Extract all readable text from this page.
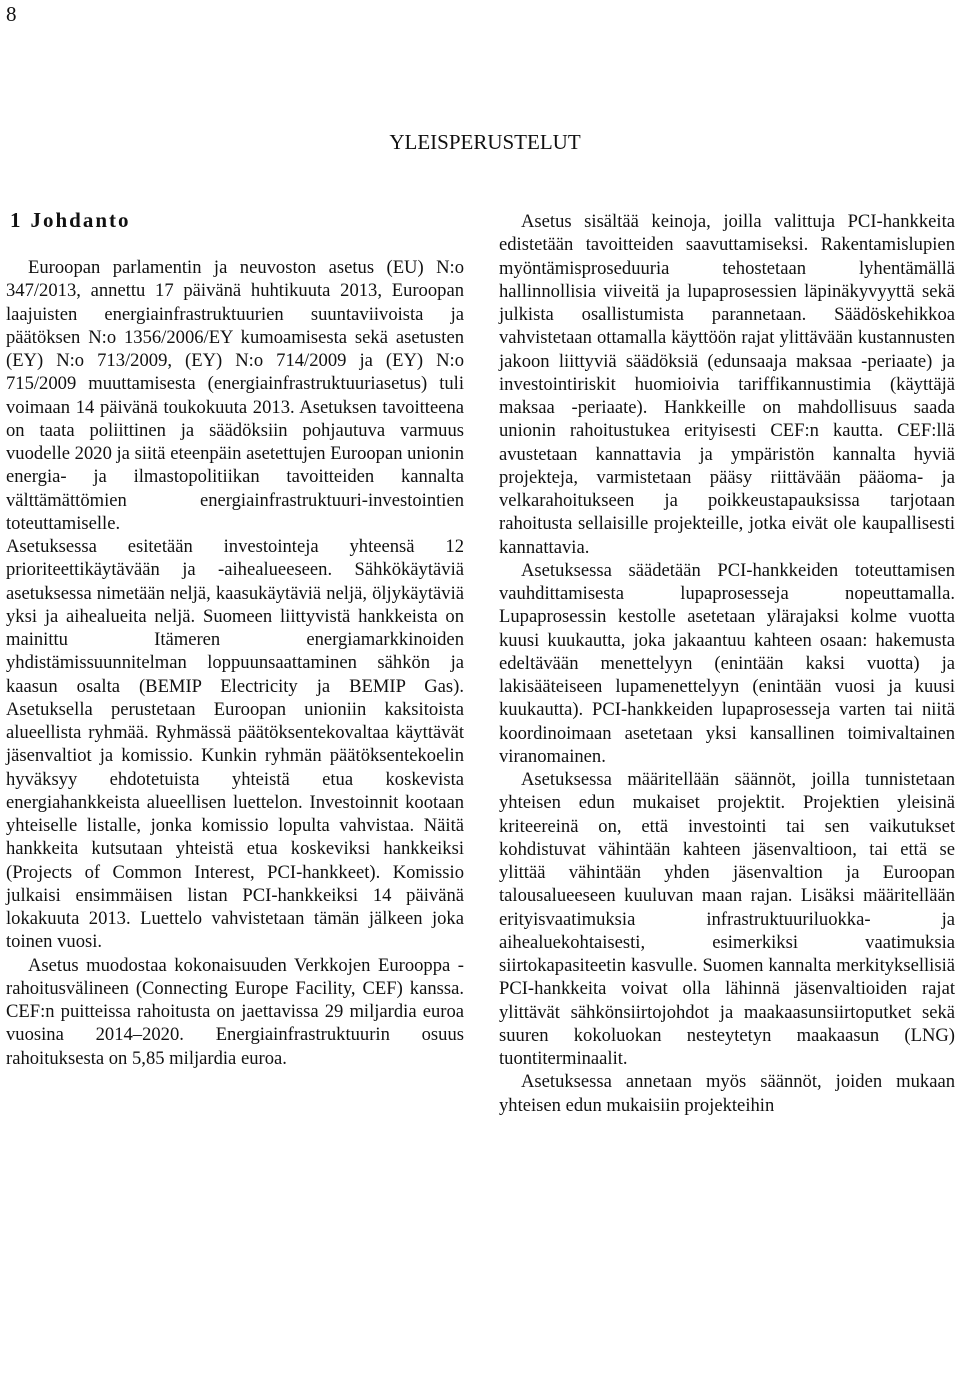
8
YLEISPERUSTELUT
1 Johdanto

Euroopan parlamentin ja neuvoston asetus (EU) N:o 347/2013, annettu 17 päivänä huhtikuuta 2013, Euroopan laajuisten energiainfrastruktuurien suuntaviivoista ja päätöksen N:o 1356/2006/EY kumoamisesta sekä asetusten (EY) N:o 713/2009, (EY) N:o 714/2009 ja (EY) N:o 715/2009 muuttamisesta (energiainfrastruktuuriasetus) tuli voimaan 14 päivänä toukokuuta 2013. Asetuksen tavoitteena on taata poliittinen ja säädöksiin pohjautuva varmuus vuodelle 2020 ja siitä eteenpäin asetettujen Euroopan unionin energia- ja ilmastopolitiikan tavoitteiden kannalta välttämättömien energiainfrastruktuuri-investointien toteuttamiselle.

Asetuksessa esitetään investointeja yhteensä 12 prioriteettikäytävään ja -aihealueeseen. Sähkökäytäviä asetuksessa nimetään neljä, kaasukäytäviä neljä, öljykäytäviä yksi ja aihealueita neljä. Suomeen liittyvistä hankkeista on mainittu Itämeren energiamarkkinoiden yhdistämissuunnitelman loppuunsaattaminen sähkön ja kaasun osalta (BEMIP Electricity ja BEMIP Gas). Asetuksella perustetaan Euroopan unioniin kaksitoista alueellista ryhmää. Ryhmässä päätöksentekovaltaa käyttävät jäsenvaltiot ja komissio. Kunkin ryhmän päätöksentekoelin hyväksyy ehdotetuista yhteistä etua koskevista energiahankkeista alueellisen luettelon. Investoinnit kootaan yhteiselle listalle, jonka komissio lopulta vahvistaa. Näitä hankkeita kutsutaan yhteistä etua koskeviksi hankkeiksi (Projects of Common Interest, PCI-hankkeet). Komissio julkaisi ensimmäisen listan PCI-hankkeiksi 14 päivänä lokakuuta 2013. Luettelo vahvistetaan tämän jälkeen joka toinen vuosi.

Asetus muodostaa kokonaisuuden Verkkojen Eurooppa -rahoitusvälineen (Connecting Europe Facility, CEF) kanssa. CEF:n puitteissa rahoitusta on jaettavissa 29 miljardia euroa vuosina 2014–2020. Energiainfrastruktuurin osuus rahoituksesta on 5,85 miljardia euroa.

Asetus sisältää keinoja, joilla valittuja PCI-hankkeita edistetään tavoitteiden saavuttamiseksi. Rakentamislupien myöntämisproseduuria tehostetaan lyhentämällä hallinnollisia viiveitä ja lupaprosessien läpinäkyvyyttä sekä julkista osallistumista parannetaan. Säädöskehikkoa vahvistetaan ottamalla käyttöön rajat ylittävään kustannusten jakoon liittyviä säädöksiä (edunsaaja maksaa -periaate) ja investointiriskit huomioivia tariffikannustimia (käyttäjä maksaa -periaate). Hankkeille on mahdollisuus saada unionin rahoitustukea erityisesti CEF:n kautta. CEF:llä avustetaan kannattavia ja ympäristön kannalta hyviä projekteja, varmistetaan pääsy riittävään pääoma- ja velkarahoitukseen ja poikkeustapauksissa tarjotaan rahoitusta sellaisille projekteille, jotka eivät ole kaupallisesti kannattavia.

Asetuksessa säädetään PCI-hankkeiden toteuttamisen vauhdittamisesta lupaprosesseja nopeuttamalla. Lupaprosessin kestolle asetetaan ylärajaksi kolme vuotta kuusi kuukautta, joka jakaantuu kahteen osaan: hakemusta edeltävään menettelyyn (enintään kaksi vuotta) ja lakisääteiseen lupamenettelyyn (enintään vuosi ja kuusi kuukautta). PCI-hankkeiden lupaprosesseja varten tai niitä koordinoimaan asetetaan yksi kansallinen toimivaltainen viranomainen.

Asetuksessa määritellään säännöt, joilla tunnistetaan yhteisen edun mukaiset projektit. Projektien yleisinä kriteereinä on, että investointi tai sen vaikutukset kohdistuvat vähintään kahteen jäsenvaltioon, tai että se ylittää vähintään yhden jäsenvaltion ja Euroopan talousalueeseen kuuluvan maan rajan. Lisäksi määritellään erityisvaatimuksia infrastruktuuriluokka- ja aihealuekohtaisesti, esimerkiksi vaatimuksia siirtokapasiteetin kasvulle. Suomen kannalta merkityksellisiä PCI-hankkeita voivat olla lähinnä jäsenvaltioiden rajat ylittävät sähkönsiirtojohdot ja maakaasunsiirtoputket sekä suuren kokoluokan nesteytetyn maakaasun (LNG) tuontiterminaalit.

Asetuksessa annetaan myös säännöt, joiden mukaan yhteisen edun mukaisiin projekteihin
